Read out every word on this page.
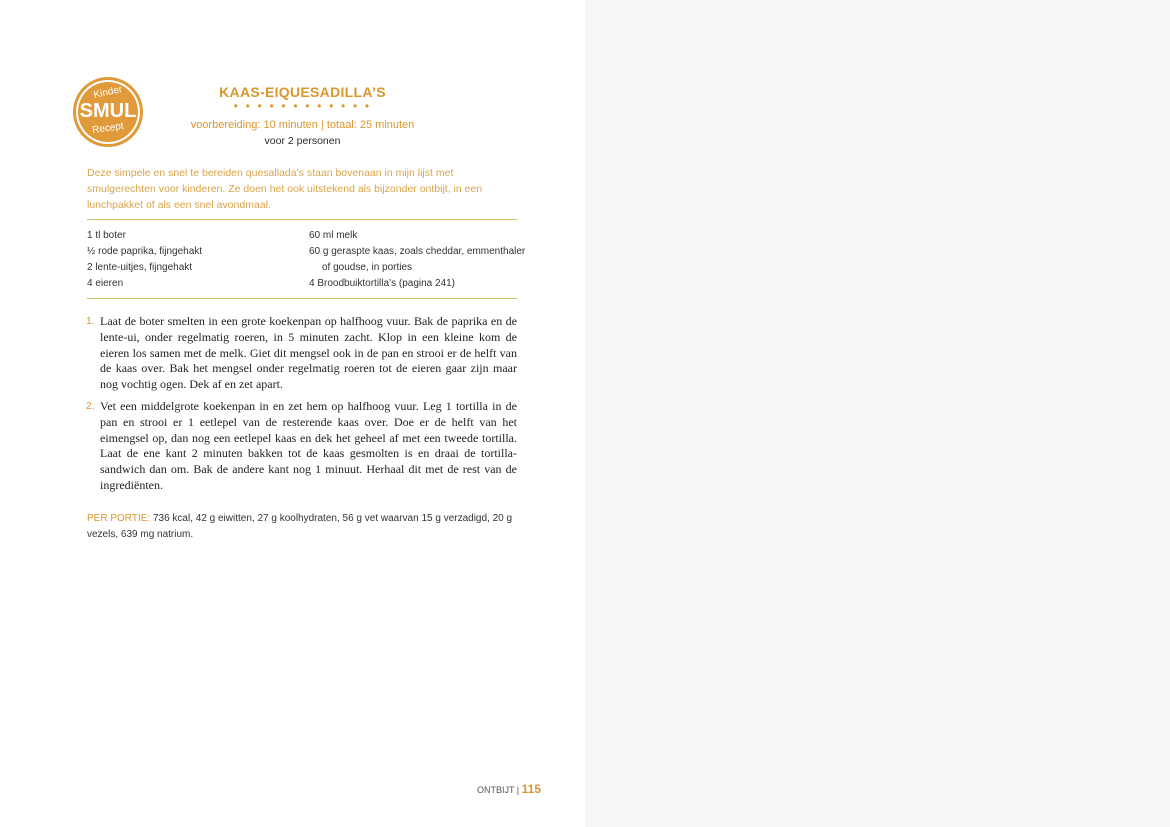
Kinder
SMUL
Recept
KAAS-EIQUESADILLA’S
• • • • • • • • • • • •
voorbereiding: 10 minuten | totaal: 25 minuten
voor 2 personen
Deze simpele en snel te bereiden quesallada’s staan bovenaan in mijn lijst met smulgerechten voor kinderen. Ze doen het ook uitstekend als bijzonder ontbijt, in een lunchpakket of als een snel avondmaal.
1 tl boter
½ rode paprika, fijngehakt
2 lente-uitjes, fijngehakt
4 eieren
60 ml melk
60 g geraspte kaas, zoals cheddar, emmenthaler
of goudse, in porties
4 Broodbuiktortilla’s (pagina 241)
1. Laat de boter smelten in een grote koekenpan op halfhoog vuur. Bak de paprika en de lente-ui, onder regelmatig roeren, in 5 minuten zacht. Klop in een kleine kom de eieren los samen met de melk. Giet dit mengsel ook in de pan en strooi er de helft van de kaas over. Bak het mengsel onder regelmatig roeren tot de eieren gaar zijn maar nog vochtig ogen. Dek af en zet apart.
2. Vet een middelgrote koekenpan in en zet hem op halfhoog vuur. Leg 1 tortilla in de pan en strooi er 1 eetlepel van de resterende kaas over. Doe er de helft van het eimengsel op, dan nog een eetlepel kaas en dek het geheel af met een tweede tortilla. Laat de ene kant 2 minuten bakken tot de kaas gesmolten is en draai de tortilla-sandwich dan om. Bak de andere kant nog 1 minuut. Herhaal dit met de rest van de ingrediënten.
PER PORTIE: 736 kcal, 42 g eiwitten, 27 g koolhydraten, 56 g vet waarvan 15 g verzadigd, 20 g vezels, 639 mg natrium.
ONTBIJT | 115
